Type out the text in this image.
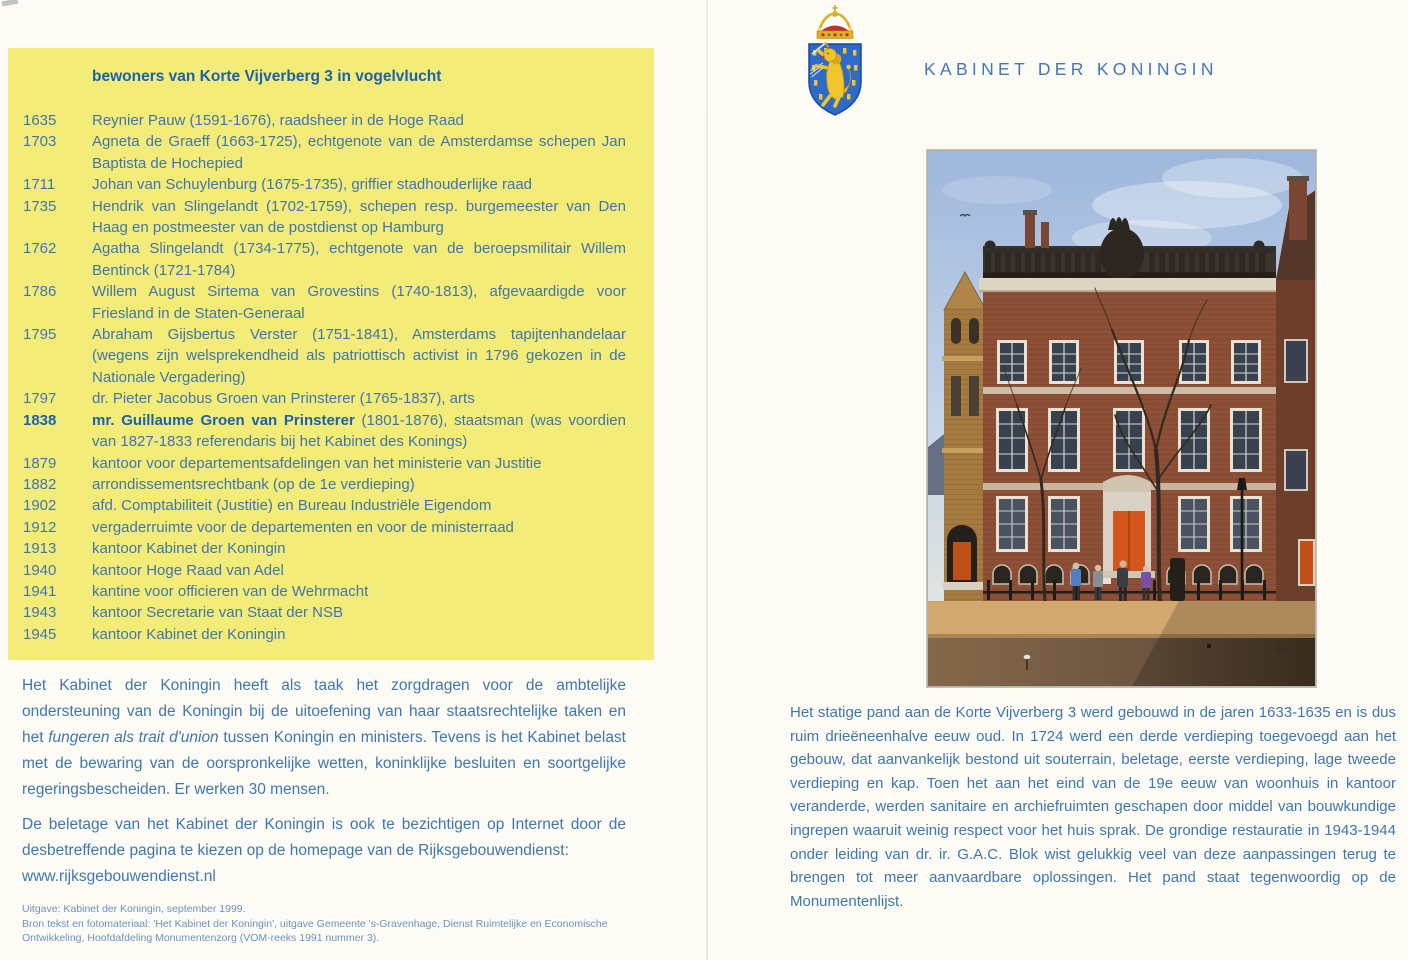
bewoners van Korte Vijverberg 3 in vogelvlucht
1635	Reynier Pauw (1591-1676), raadsheer in de Hoge Raad
1703	Agneta de Graeff (1663-1725), echtgenote van de Amsterdamse schepen Jan Baptista de Hochepied
1711	Johan van Schuylenburg (1675-1735), griffier stadhouderlijke raad
1735	Hendrik van Slingelandt (1702-1759), schepen resp. burgemeester van Den Haag en postmeester van de postdienst op Hamburg
1762	Agatha Slingelandt (1734-1775), echtgenote van de beroepsmilitair Willem Bentinck (1721-1784)
1786	Willem August Sirtema van Grovestins (1740-1813), afgevaardigde voor Friesland in de Staten-Generaal
1795	Abraham Gijsbertus Verster (1751-1841), Amsterdams tapijtenhandelaar (wegens zijn welsprekendheid als patriottisch activist in 1796 gekozen in de Nationale Vergadering)
1797	dr. Pieter Jacobus Groen van Prinsterer (1765-1837), arts
1838	mr. Guillaume Groen van Prinsterer (1801-1876), staatsman (was voordien van 1827-1833 referendaris bij het Kabinet des Konings)
1879	kantoor voor departementsafdelingen van het ministerie van Justitie
1882	arrondissementsrechtbank (op de 1e verdieping)
1902	afd. Comptabiliteit (Justitie) en Bureau Industriële Eigendom
1912	vergaderruimte voor de departementen en voor de ministerraad
1913	kantoor Kabinet der Koningin
1940	kantoor Hoge Raad van Adel
1941	kantine voor officieren van de Wehrmacht
1943	kantoor Secretarie van Staat der NSB
1945	kantoor Kabinet der Koningin

Het Kabinet der Koningin heeft als taak het zorgdragen voor de ambtelijke ondersteuning van de Koningin bij de uitoefening van haar staatsrechtelijke taken en het fungeren als trait d'union tussen Koningin en ministers. Tevens is het Kabinet belast met de bewaring van de oorspronkelijke wetten, koninklijke besluiten en soortgelijke regeringsbescheiden. Er werken 30 mensen.

De beletage van het Kabinet der Koningin is ook te bezichtigen op Internet door de desbetreffende pagina te kiezen op de homepage van de Rijksgebouwendienst:
www.rijksgebouwendienst.nl

Uitgave: Kabinet der Koningin, september 1999.
Bron tekst en fotomateriaal: 'Het Kabinet der Koningin', uitgave Gemeente 's-Gravenhage, Dienst Ruimtelijke en Economische Ontwikkeling, Hoofdafdeling Monumentenzorg (VOM-reeks 1991 nummer 3).
KABINET DER KONINGIN

Het statige pand aan de Korte Vijverberg 3 werd gebouwd in de jaren 1633-1635 en is dus ruim drieëneenhalve eeuw oud. In 1724 werd een derde verdieping toegevoegd aan het gebouw, dat aanvankelijk bestond uit souterrain, beletage, eerste verdieping, lage tweede verdieping en kap. Toen het aan het eind van de 19e eeuw van woonhuis in kantoor veranderde, werden sanitaire en archiefruimten geschapen door middel van bouwkundige ingrepen waaruit weinig respect voor het huis sprak. De grondige restauratie in 1943-1944 onder leiding van dr. ir. G.A.C. Blok wist gelukkig veel van deze aanpassingen terug te brengen tot meer aanvaardbare oplossingen. Het pand staat tegenwoordig op de Monumentenlijst.
